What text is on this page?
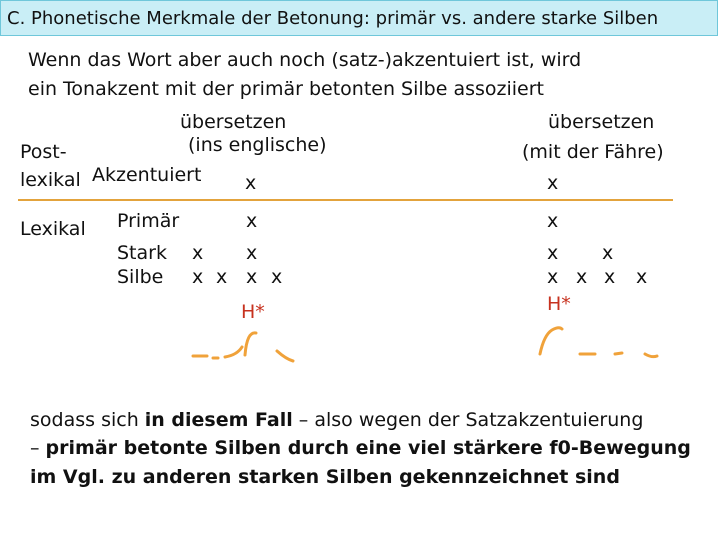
C. Phonetische Merkmale der Betonung: primär vs. andere starke Silben
Wenn das Wort aber auch noch (satz-)akzentuiert ist, wird
ein Tonakzent mit der primär betonten Silbe assoziiert
übersetzen
(ins englische)
übersetzen
(mit der Fähre)
Post-
lexikal Akzentuiert x	x
Lexikal Primär
Stark
Silbe
x
x x
x x x x
x
x x
x x x x
H*	H*
sodass sich in diesem Fall – also wegen der Satzakzentuierung
– primär betonte Silben durch eine viel stärkere f0-Bewegung
im Vgl. zu anderen starken Silben gekennzeichnet sind
